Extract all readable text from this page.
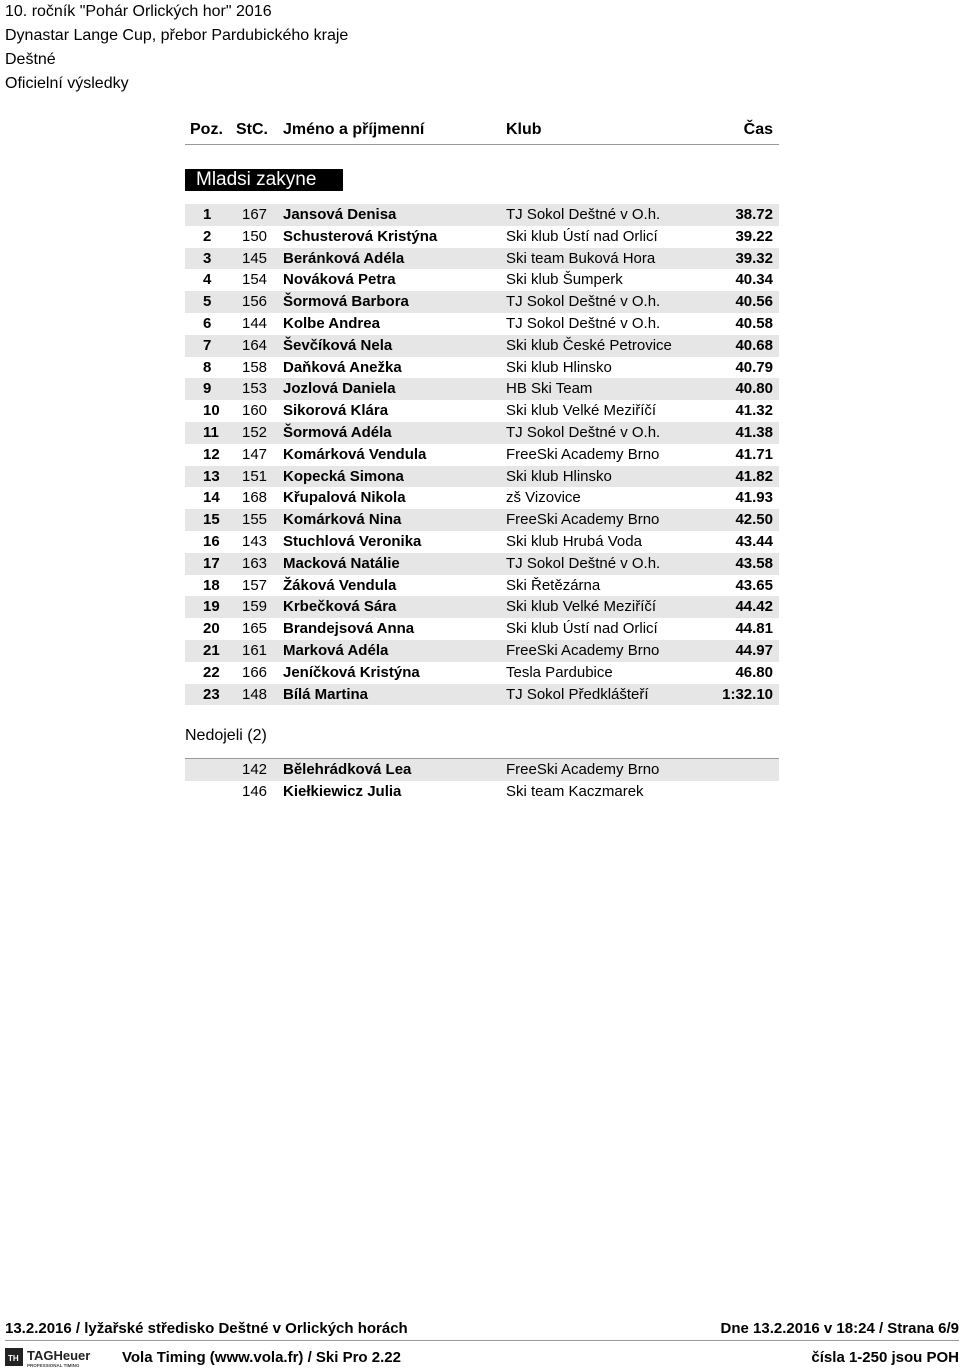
10. ročník "Pohár Orlických hor" 2016
Dynastar Lange Cup, přebor Pardubického kraje
Deštné
Oficielní výsledky
Poz. StC. Jméno a příjmenní	Klub	Čas
Mladsi zakyne
1 167 Jansová Denisa	TJ Sokol Deštné v O.h.	38.72
2 150 Schusterová Kristýna	Ski klub Ústí nad Orlicí	39.22
3 145 Beránková Adéla	Ski team Buková Hora	39.32
4 154 Nováková Petra	Ski klub Šumperk	40.34
5 156 Šormová Barbora	TJ Sokol Deštné v O.h.	40.56
6 144 Kolbe Andrea	TJ Sokol Deštné v O.h.	40.58
7 164 Ševčíková Nela	Ski klub České Petrovice	40.68
8 158 Daňková Anežka	Ski klub Hlinsko	40.79
9 153 Jozlová Daniela	HB Ski Team	40.80
10 160 Sikorová Klára	Ski klub Velké Meziříčí	41.32
11 152 Šormová Adéla	TJ Sokol Deštné v O.h.	41.38
12 147 Komárková Vendula	FreeSki Academy Brno	41.71
13 151 Kopecká Simona	Ski klub Hlinsko	41.82
14 168 Křupalová Nikola	zš Vizovice	41.93
15 155 Komárková Nina	FreeSki Academy Brno	42.50
16 143 Stuchlová Veronika	Ski klub Hrubá Voda	43.44
17 163 Macková Natálie	TJ Sokol Deštné v O.h.	43.58
18 157 Žáková Vendula	Ski Řetězárna	43.65
19 159 Krbečková Sára	Ski klub Velké Meziříčí	44.42
20 165 Brandejsová Anna	Ski klub Ústí nad Orlicí	44.81
21 161 Marková Adéla	FreeSki Academy Brno	44.97
22 166 Jeníčková Kristýna	Tesla Pardubice	46.80
23 148 Bílá Martina	TJ Sokol Předklášteří	1:32.10
Nedojeli (2)
142 Bělehrádková Lea	FreeSki Academy Brno
146 Kiełkiewicz Julia	Ski team Kaczmarek
13.2.2016 / lyžařské středisko Deštné v Orlických horách	Dne 13.2.2016 v 18:24 / Strana 6/9
TH TAGHeuer
PROFESSIONAL TIMING	Vola Timing (www.vola.fr) / Ski Pro 2.22	čísla 1-250 jsou POH
